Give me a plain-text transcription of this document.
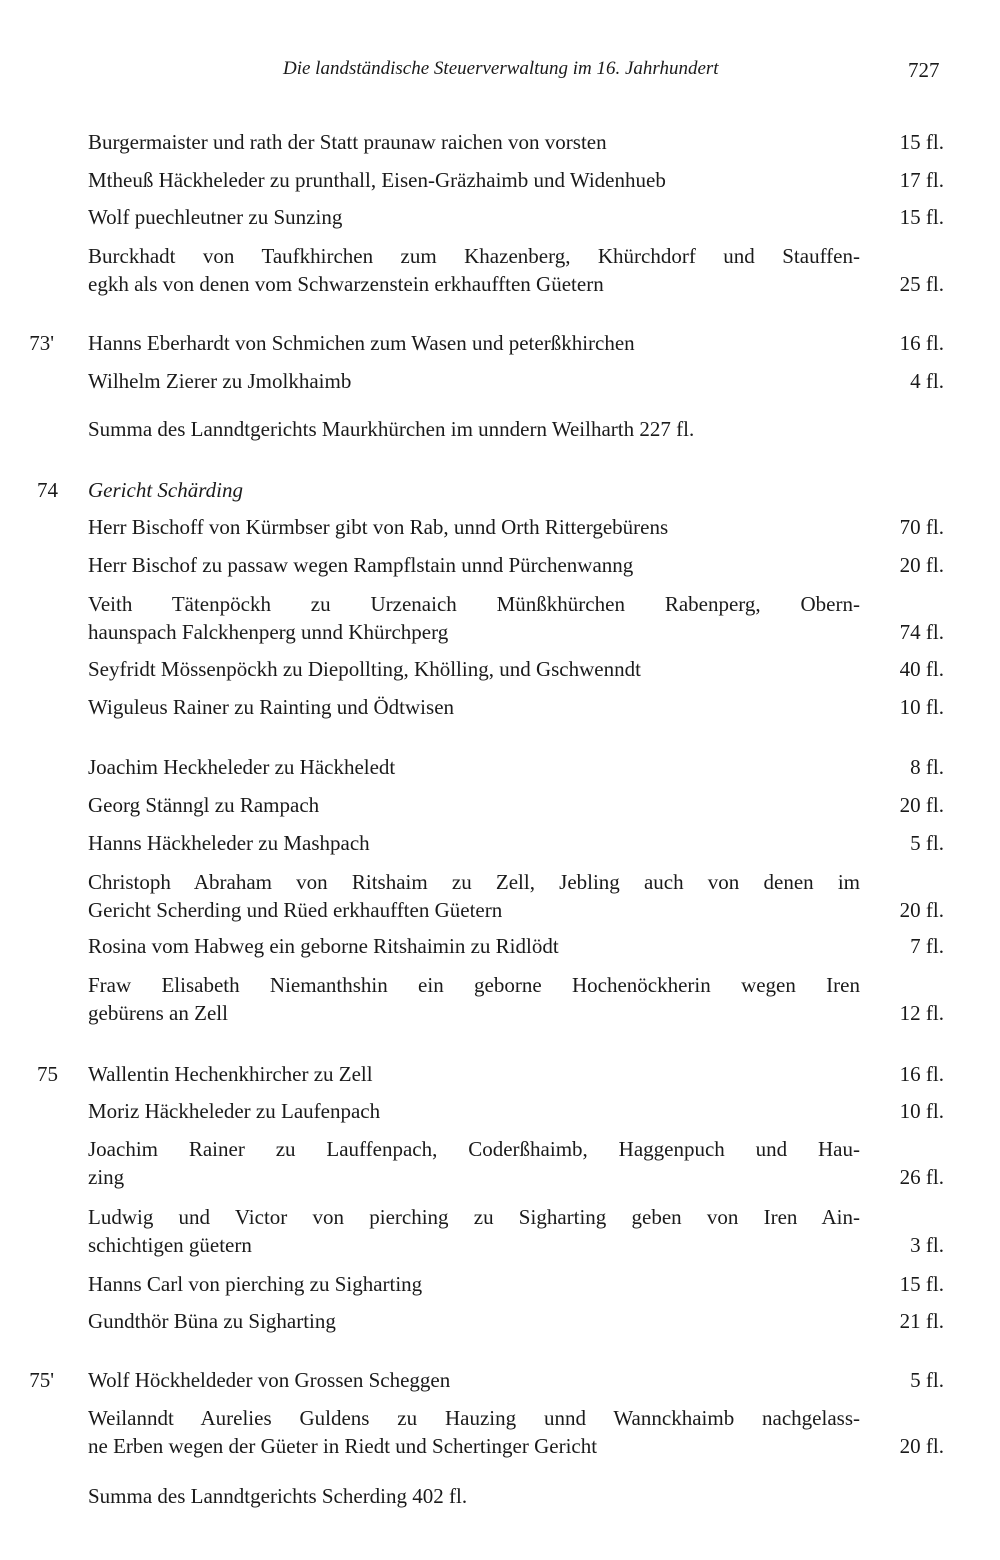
Die landständische Steuerverwaltung im 16. Jahrhundert	727
Burgermaister und rath der Statt praunaw raichen von vorsten	15 fl.
Mtheuß Häckheleder zu prunthall, Eisen-Gräzhaimb und Widenhueb	17 fl.
Wolf puechleutner zu Sunzing	15 fl.
Burckhadt von Taufkhirchen zum Khazenberg, Khürchdorf und Stauffen-
egkh als von denen vom Schwarzenstein erkhaufften Güetern	25 fl.
73' Hanns Eberhardt von Schmichen zum Wasen und peterßkhirchen	16 fl.
Wilhelm Zierer zu Jmolkhaimb	4 fl.
Summa des Lanndtgerichts Maurkhürchen im unndern Weilharth 227 fl.
74 Gericht Schärding
Herr Bischoff von Kürmbser gibt von Rab, unnd Orth Rittergebürens	70 fl.
Herr Bischof zu passaw wegen Rampflstain unnd Pürchenwanng	20 fl.
Veith Tätenpöckh zu Urzenaich Münßkhürchen Rabenperg, Obern-
haunspach Falckhenperg unnd Khürchperg	74 fl.
Seyfridt Mössenpöckh zu Diepollting, Khölling, und Gschwenndt	40 fl.
Wiguleus Rainer zu Rainting und Ödtwisen	10 fl.
Joachim Heckheleder zu Häckheledt	8 fl.
Georg Stänngl zu Rampach	20 fl.
Hanns Häckheleder zu Mashpach	5 fl.
Christoph Abraham von Ritshaim zu Zell, Jebling auch von denen im
Gericht Scherding und Rüed erkhaufften Güetern	20 fl.
Rosina vom Habweg ein geborne Ritshaimin zu Ridlödt	7 fl.
Fraw Elisabeth Niemanthshin ein geborne Hochenöckherin wegen Iren
gebürens an Zell	12 fl.
75 Wallentin Hechenkhircher zu Zell	16 fl.
Moriz Häckheleder zu Laufenpach	10 fl.
Joachim Rainer zu Lauffenpach, Coderßhaimb, Haggenpuch und Hau-
zing	26 fl.
Ludwig und Victor von pierching zu Sigharting geben von Iren Ain-
schichtigen güetern	3 fl.
Hanns Carl von pierching zu Sigharting	15 fl.
Gundthör Büna zu Sigharting	21 fl.
75' Wolf Höckheldeder von Grossen Scheggen	5 fl.
Weilanndt Aurelies Guldens zu Hauzing unnd Wannckhaimb nachgelass-
ne Erben wegen der Güeter in Riedt und Schertinger Gericht	20 fl.
Summa des Lanndtgerichts Scherding 402 fl.
